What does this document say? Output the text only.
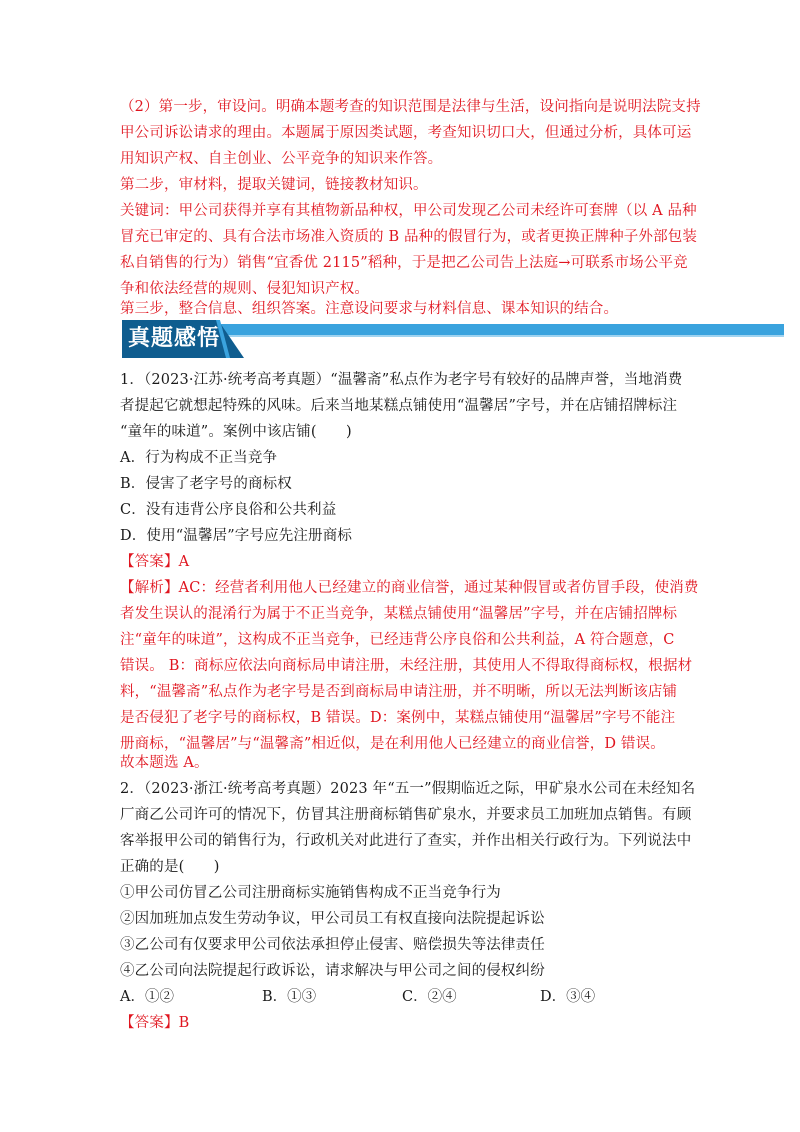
（2）第一步，审设问。明确本题考查的知识范围是法律与生活，设问指向是说明法院支持
甲公司诉讼请求的理由。本题属于原因类试题，考查知识切口大，但通过分析，具体可运
用知识产权、自主创业、公平竞争的知识来作答。
第二步，审材料，提取关键词，链接教材知识。
关键词：甲公司获得并享有其植物新品种权，甲公司发现乙公司未经许可套牌（以 A 品种
冒充已审定的、具有合法市场准入资质的 B 品种的假冒行为，或者更换正牌种子外部包装
私自销售的行为）销售“宜香优 2115”稻种，于是把乙公司告上法庭→可联系市场公平竞
争和依法经营的规则、侵犯知识产权。
第三步，整合信息、组织答案。注意设问要求与材料信息、课本知识的结合。
真题感悟
1．（2023·江苏·统考高考真题）“温馨斋”私点作为老字号有较好的品牌声誉，当地消费
者提起它就想起特殊的风味。后来当地某糕点铺使用“温馨居”字号，并在店铺招牌标注
“童年的味道”。案例中该店铺(　　)
A．行为构成不正当竞争
B．侵害了老字号的商标权
C．没有违背公序良俗和公共利益
D．使用“温馨居”字号应先注册商标
【答案】A
【解析】AC：经营者利用他人已经建立的商业信誉，通过某种假冒或者仿冒手段，使消费
者发生误认的混淆行为属于不正当竞争，某糕点铺使用“温馨居”字号，并在店铺招牌标
注“童年的味道”，这构成不正当竞争，已经违背公序良俗和公共利益，A 符合题意，C
错误。 B：商标应依法向商标局申请注册，未经注册，其使用人不得取得商标权，根据材
料，“温馨斋”私点作为老字号是否到商标局申请注册，并不明晰，所以无法判断该店铺
是否侵犯了老字号的商标权，B 错误。D：案例中，某糕点铺使用“温馨居”字号不能注
册商标，“温馨居”与“温馨斋”相近似，是在利用他人已经建立的商业信誉，D 错误。
故本题选 A。
2．（2023·浙江·统考高考真题）2023 年“五一”假期临近之际，甲矿泉水公司在未经知名
厂商乙公司许可的情况下，仿冒其注册商标销售矿泉水，并要求员工加班加点销售。有顾
客举报甲公司的销售行为，行政机关对此进行了查实，并作出相关行政行为。下列说法中
正确的是(　　)
①甲公司仿冒乙公司注册商标实施销售构成不正当竞争行为
②因加班加点发生劳动争议，甲公司员工有权直接向法院提起诉讼
③乙公司有仅要求甲公司依法承担停止侵害、赔偿损失等法律责任
④乙公司向法院提起行政诉讼，请求解决与甲公司之间的侵权纠纷
A．①②	B．①③	C．②④	D．③④
【答案】B
